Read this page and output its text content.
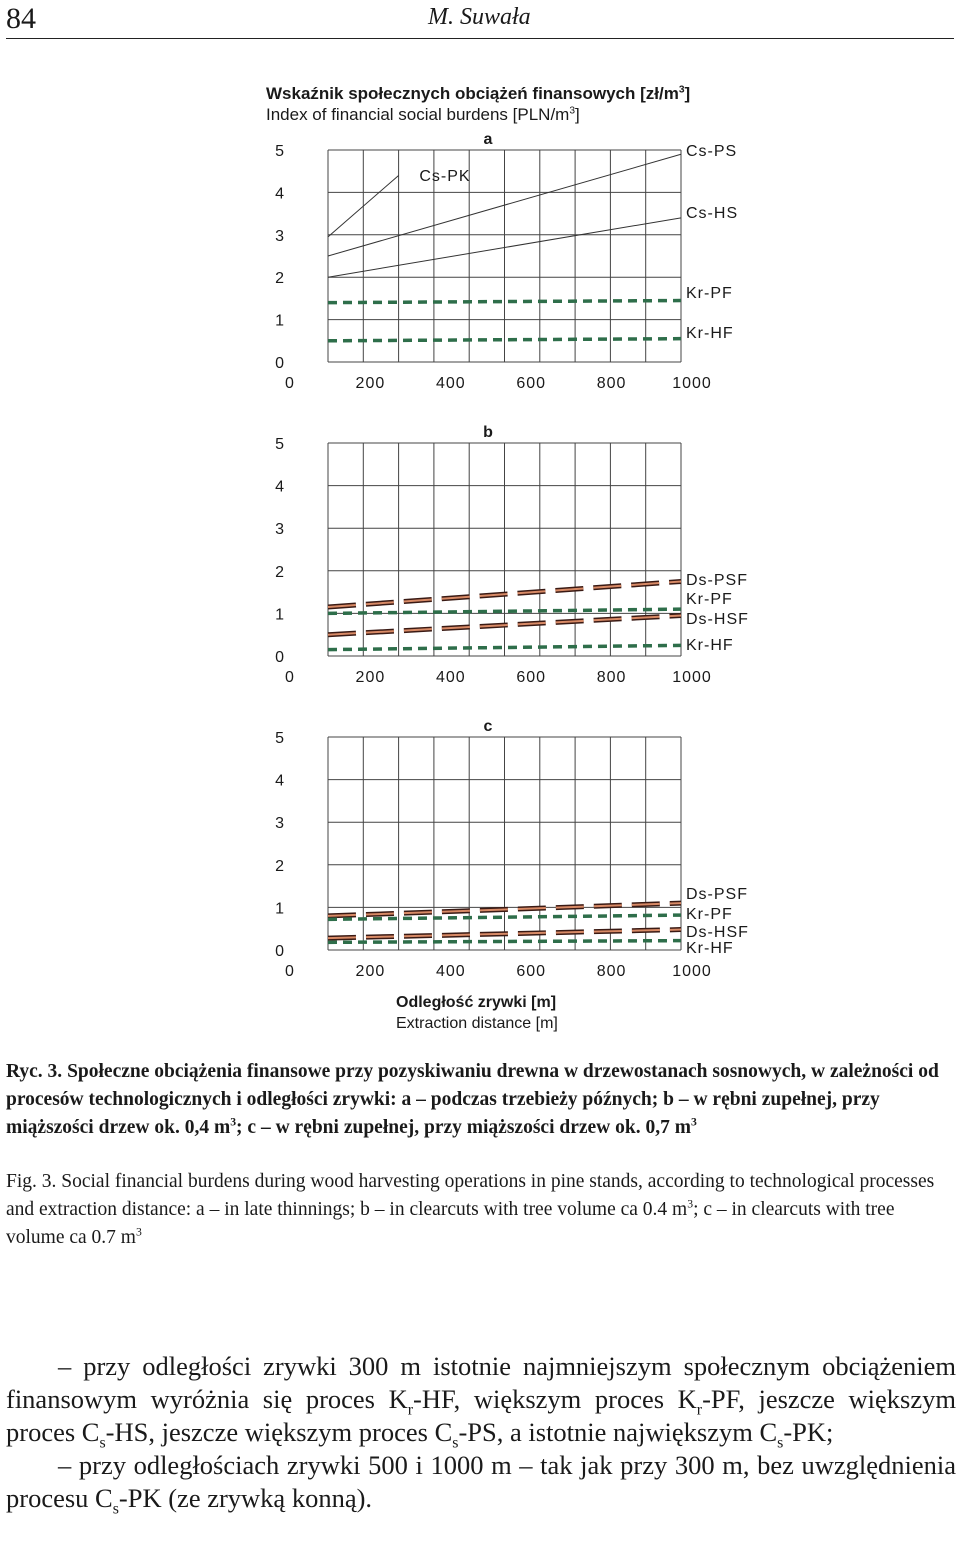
84	M. Suwała
Wskaźnik społecznych obciążeń finansowych $[zł/m^3]$
Index of financial social burdens $[PLN/m^3]$
0
1
2
3
4
5
0	200	400	600	800	1000
a
Cs-PK
Cs-PS
Cs-HS
Kr-PF
Kr-HF
0
1
2
3
4
5
0	200	400	600	800	1000
b
Ds-PSF
Kr-PF
Ds-HSF
Kr-HF
0
1
2
3
4
5
0	200	400	600	800	1000
c
Ds-PSF
Kr-PF
Ds-HSF
Kr-HF
Odległość zrywki [m]
Extraction distance [m]
Ryc. 3. Społeczne obciążenia finansowe przy pozyskiwaniu drewna w drzewostanach sosnowych, w zależności od procesów technologicznych i odległości zrywki: a – podczas trzebieży późnych; b – w rębni zupełnej, przy miąższości drzew ok. 0,4 $m^3$; c – w rębni zupełnej, przy miąższości drzew ok. 0,7 $m^3$
Fig. 3. Social financial burdens during wood harvesting operations in pine stands, according to technological processes and extraction distance: a – in late thinnings; b – in clearcuts with tree volume ca 0.4 $m^3$; c – in clearcuts with tree volume ca 0.7 $m^3$

– przy odległości zrywki 300 m istotnie najmniejszym społecznym obciążeniem finansowym wyróżnia się proces $K_r-HF$, większym proces $K_r-PF$, jeszcze większym proces $C_s-HS$, jeszcze większym proces $C_s-PS$, a istotnie największym $C_s-PK$;

– przy odległościach zrywki 500 i 1000 m – tak jak przy 300 m, bez uwzględnienia procesu $C_s-PK$ (ze zrywką konną).
